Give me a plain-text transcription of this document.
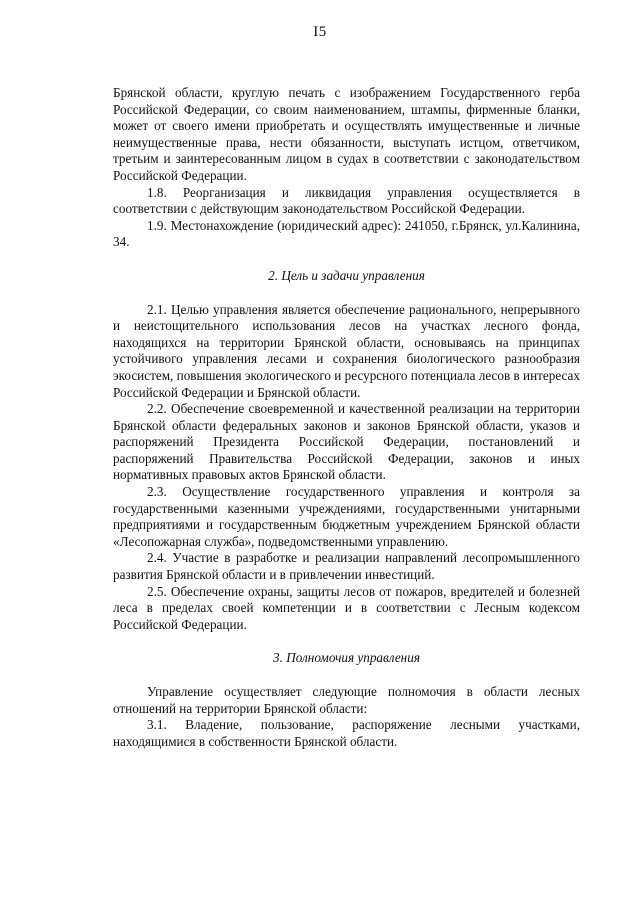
I5

Брянской области, круглую печать с изображением Государственного герба Российской Федерации, со своим наименованием, штампы, фирменные бланки, может от своего имени приобретать и осуществлять имущественные и личные неимущественные права, нести обязанности, выступать истцом, ответчиком, третьим и заинтересованным лицом в судах в соответствии с законодательством Российской Федерации.

1.8. Реорганизация и ликвидация управления осуществляется в соответствии с действующим законодательством Российской Федерации.

1.9. Местонахождение (юридический адрес): 241050, г.Брянск, ул.Калинина, 34.

2. Цель и задачи управления

2.1. Целью управления является обеспечение рационального, непрерывного и неистощительного использования лесов на участках лесного фонда, находящихся на территории Брянской области, основываясь на принципах устойчивого управления лесами и сохранения биологического разнообразия экосистем, повышения экологического и ресурсного потенциала лесов в интересах Российской Федерации и Брянской области.

2.2. Обеспечение своевременной и качественной реализации на территории Брянской области федеральных законов и законов Брянской области, указов и распоряжений Президента Российской Федерации, постановлений и распоряжений Правительства Российской Федерации, законов и иных нормативных правовых актов Брянской области.

2.3. Осуществление государственного управления и контроля за государственными казенными учреждениями, государственными унитарными предприятиями и государственным бюджетным учреждением Брянской области «Лесопожарная служба», подведомственными управлению.

2.4. Участие в разработке и реализации направлений лесопромышленного развития Брянской области и в привлечении инвестиций.

2.5. Обеспечение охраны, защиты лесов от пожаров, вредителей и болезней леса в пределах своей компетенции и в соответствии с Лесным кодексом Российской Федерации.

3. Полномочия управления

Управление осуществляет следующие полномочия в области лесных отношений на территории Брянской области:

3.1. Владение, пользование, распоряжение лесными участками, находящимися в собственности Брянской области.
